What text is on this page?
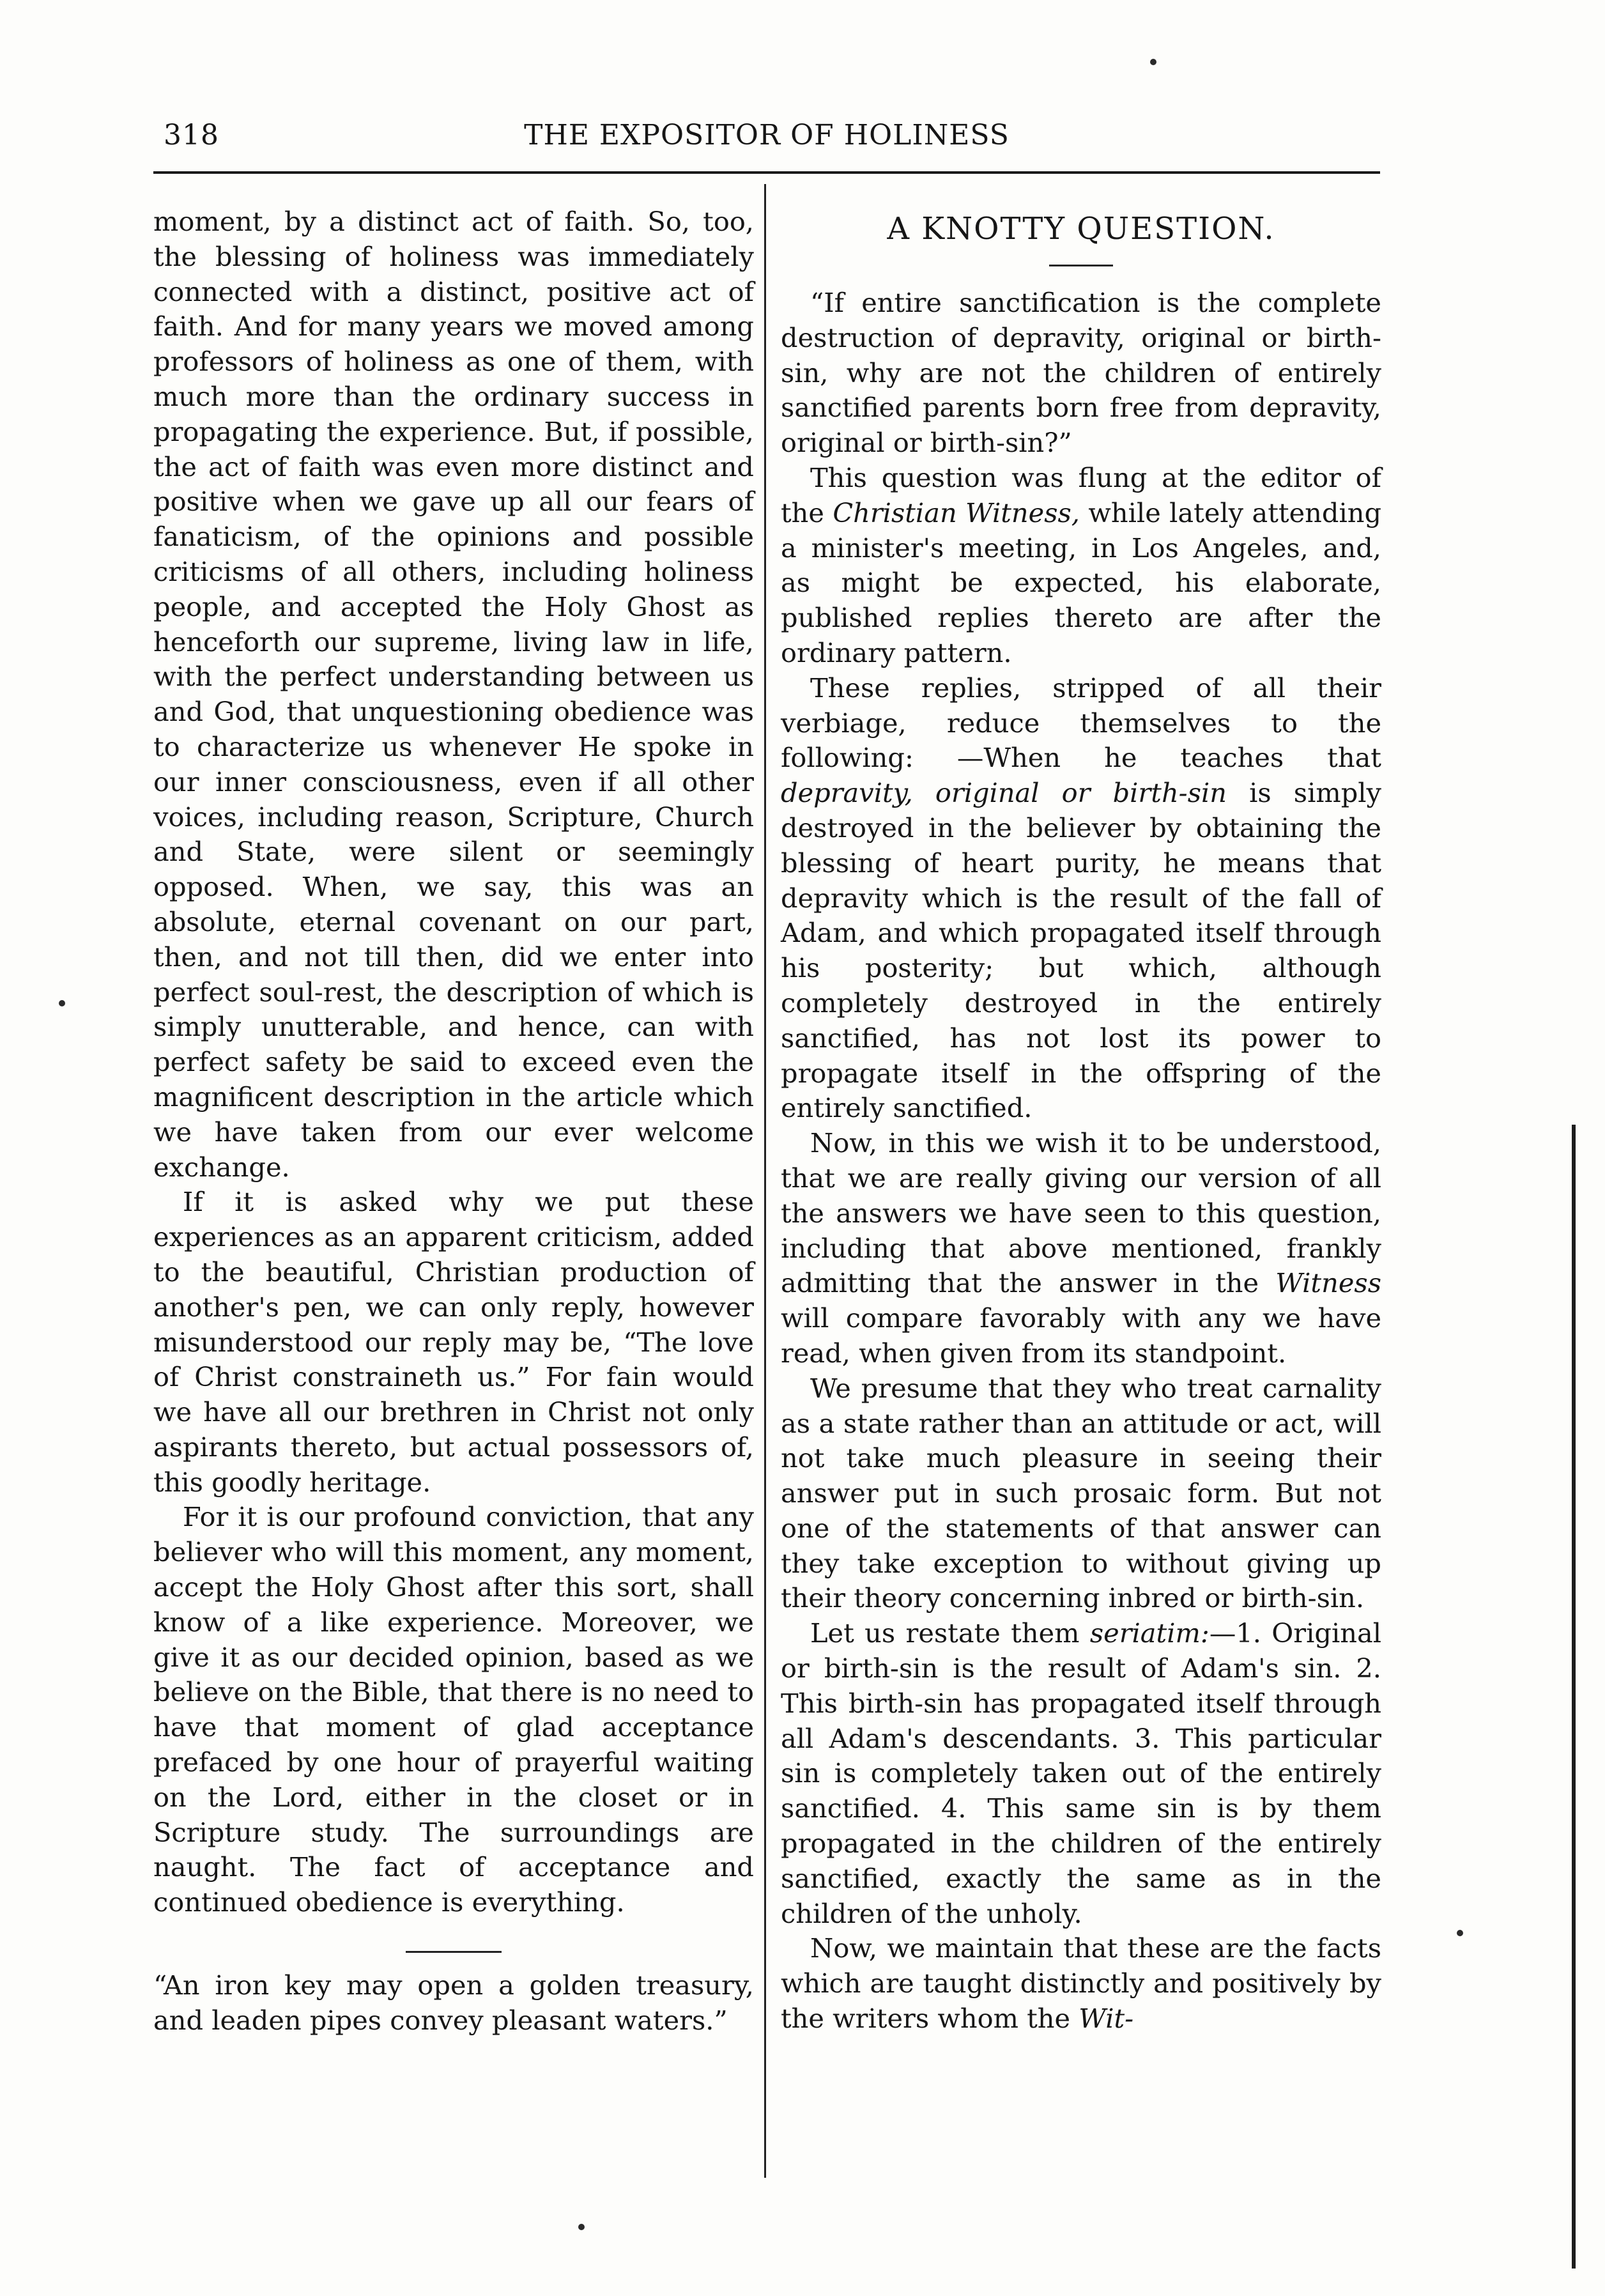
318	THE EXPOSITOR OF HOLINESS

moment, by a distinct act of faith. So, too, the blessing of holiness was immediately connected with a distinct, positive act of faith. And for many years we moved among professors of holiness as one of them, with much more than the ordinary success in propagating the experience. But, if possible, the act of faith was even more distinct and positive when we gave up all our fears of fanaticism, of the opinions and possible criticisms of all others, including holiness people, and accepted the Holy Ghost as henceforth our supreme, living law in life, with the perfect understanding between us and God, that unquestioning obedience was to characterize us whenever He spoke in our inner consciousness, even if all other voices, including reason, Scripture, Church and State, were silent or seemingly opposed. When, we say, this was an absolute, eternal covenant on our part, then, and not till then, did we enter into perfect soul-rest, the description of which is simply unutterable, and hence, can with perfect safety be said to exceed even the magnificent description in the article which we have taken from our ever welcome exchange.

If it is asked why we put these experiences as an apparent criticism, added to the beautiful, Christian production of another's pen, we can only reply, however misunderstood our reply may be, “The love of Christ constraineth us.” For fain would we have all our brethren in Christ not only aspirants thereto, but actual possessors of, this goodly heritage.

For it is our profound conviction, that any believer who will this moment, any moment, accept the Holy Ghost after this sort, shall know of a like experience. Moreover, we give it as our decided opinion, based as we believe on the Bible, that there is no need to have that moment of glad acceptance prefaced by one hour of prayerful waiting on the Lord, either in the closet or in Scripture study. The surroundings are naught. The fact of acceptance and continued obedience is everything.

“An iron key may open a golden treasury, and leaden pipes convey pleasant waters.”

A KNOTTY QUESTION.

“If entire sanctification is the complete destruction of depravity, original or birth-sin, why are not the children of entirely sanctified parents born free from depravity, original or birth-sin?”

This question was flung at the editor of the Christian Witness, while lately attending a minister's meeting, in Los Angeles, and, as might be expected, his elaborate, published replies thereto are after the ordinary pattern.

These replies, stripped of all their verbiage, reduce themselves to the following: —When he teaches that depravity, original or birth-sin is simply destroyed in the believer by obtaining the blessing of heart purity, he means that depravity which is the result of the fall of Adam, and which propagated itself through his posterity; but which, although completely destroyed in the entirely sanctified, has not lost its power to propagate itself in the offspring of the entirely sanctified.

Now, in this we wish it to be understood, that we are really giving our version of all the answers we have seen to this question, including that above mentioned, frankly admitting that the answer in the Witness will compare favorably with any we have read, when given from its standpoint.

We presume that they who treat carnality as a state rather than an attitude or act, will not take much pleasure in seeing their answer put in such prosaic form. But not one of the statements of that answer can they take exception to without giving up their theory concerning inbred or birth-sin.

Let us restate them seriatim:—1. Original or birth-sin is the result of Adam's sin. 2. This birth-sin has propagated itself through all Adam's descendants. 3. This particular sin is completely taken out of the entirely sanctified. 4. This same sin is by them propagated in the children of the entirely sanctified, exactly the same as in the children of the unholy.

Now, we maintain that these are the facts which are taught distinctly and positively by the writers whom the Wit-
